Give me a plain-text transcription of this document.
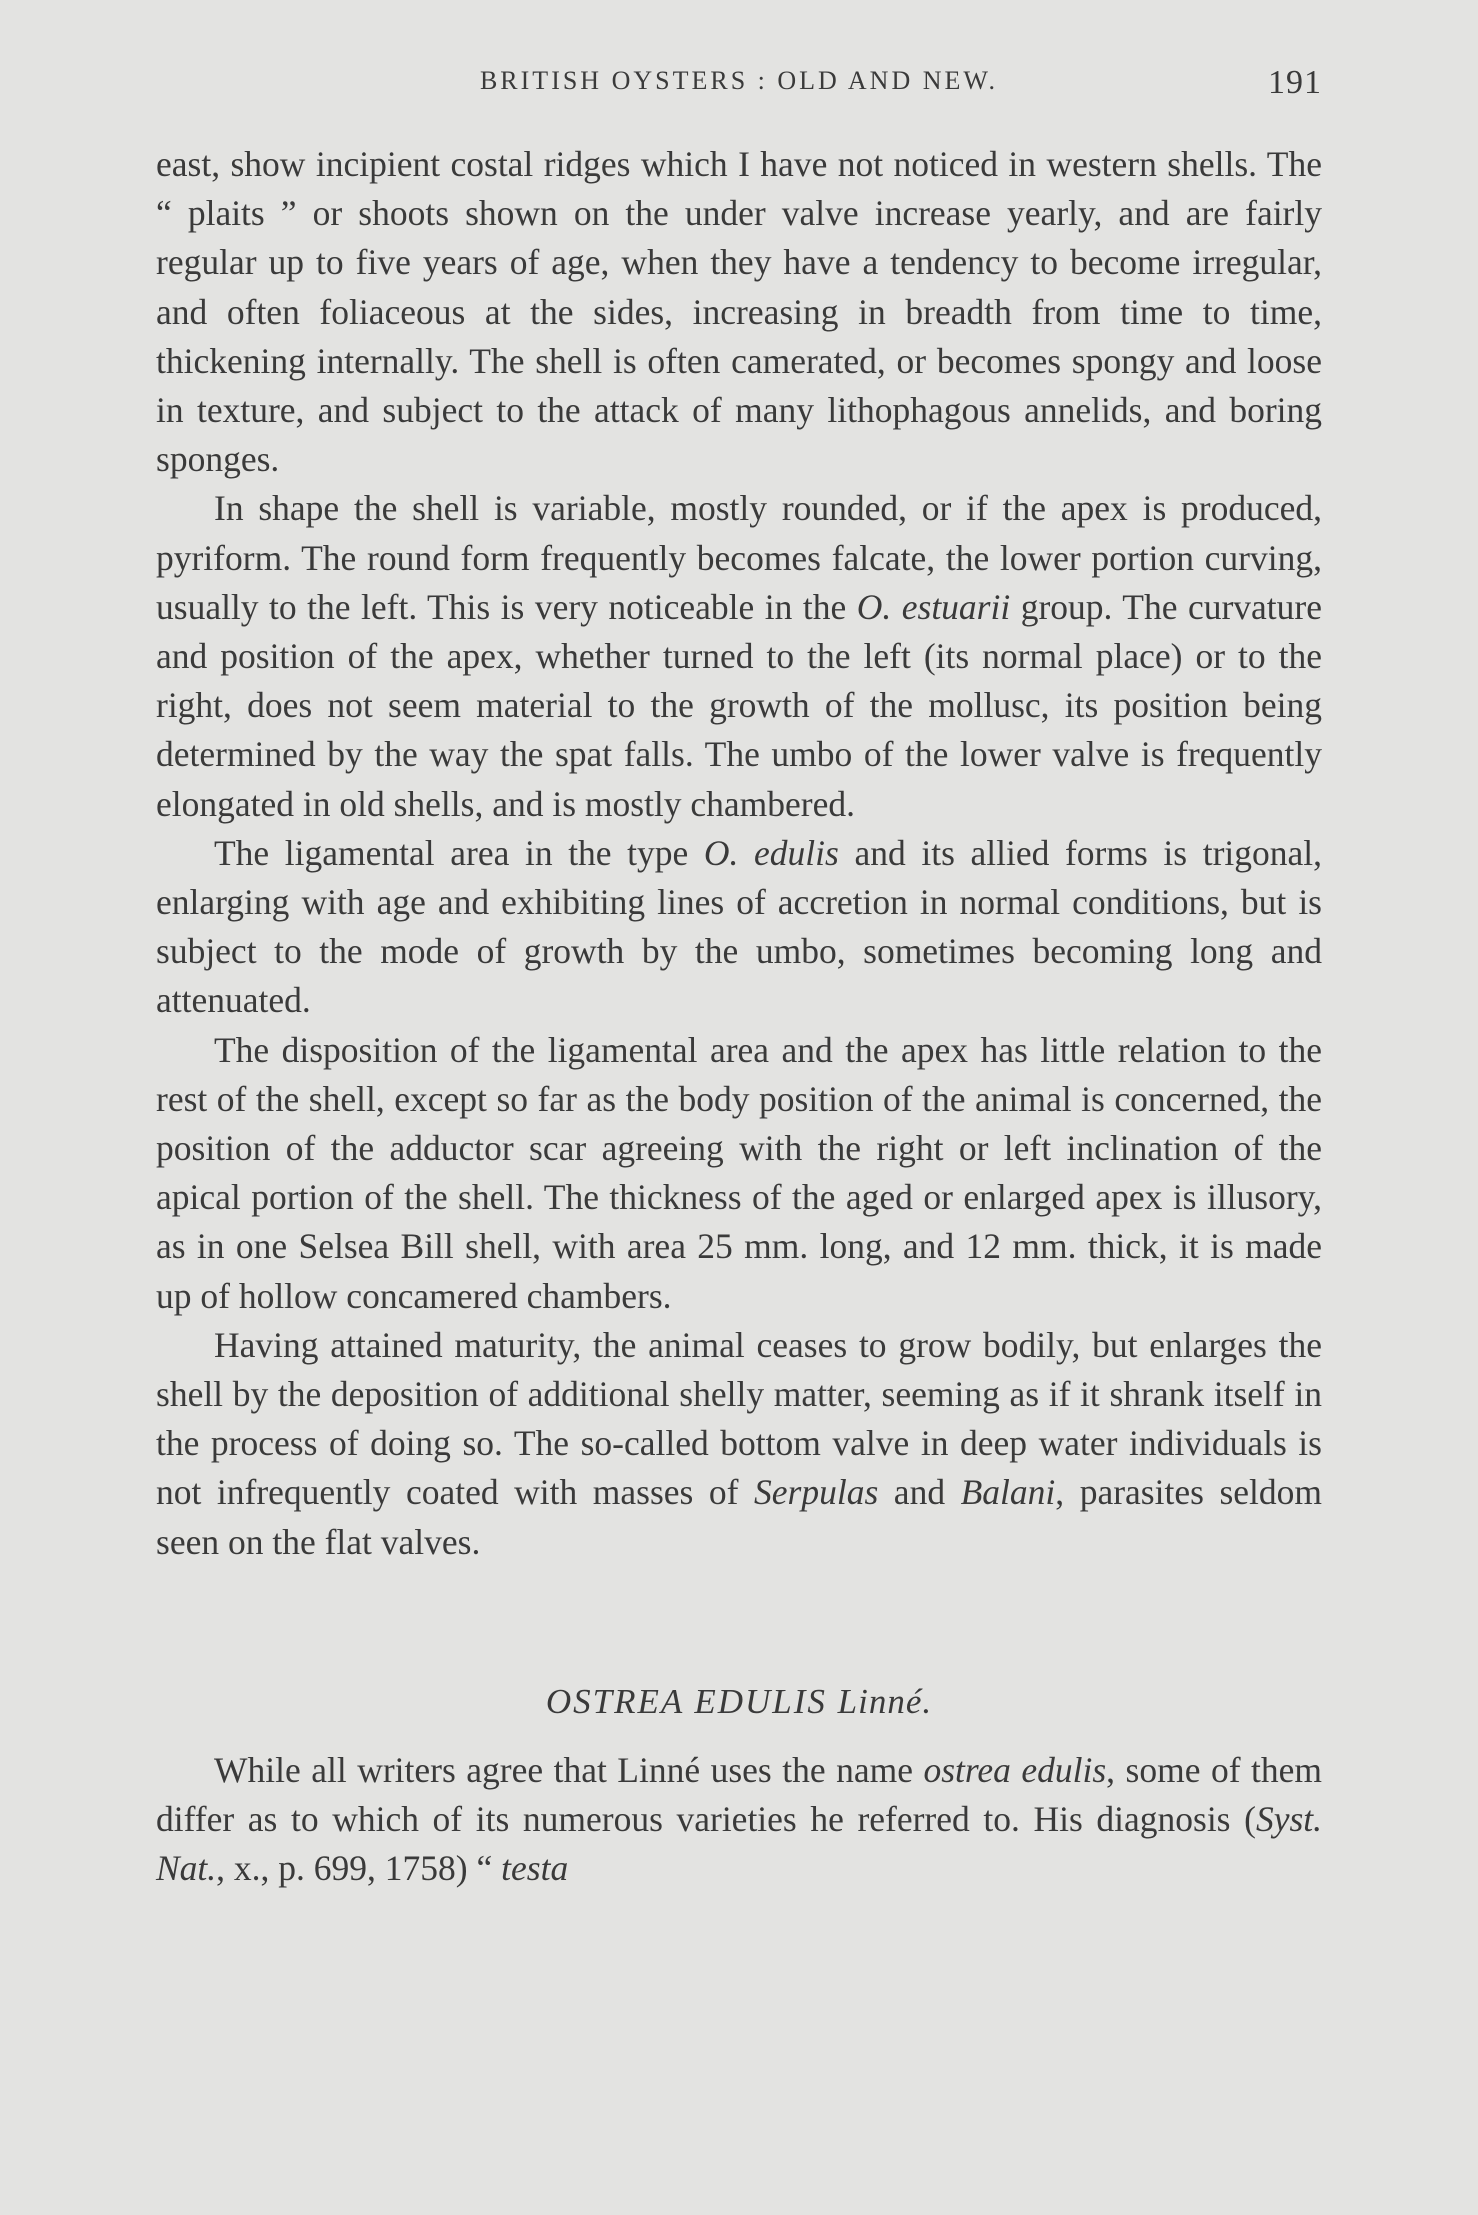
BRITISH OYSTERS : OLD AND NEW.	191

east, show incipient costal ridges which I have not noticed in western shells. The “ plaits ” or shoots shown on the under valve increase yearly, and are fairly regular up to five years of age, when they have a tendency to become irregular, and often foliaceous at the sides, increasing in breadth from time to time, thickening internally. The shell is often camerated, or becomes spongy and loose in texture, and subject to the attack of many lithophagous annelids, and boring sponges.

In shape the shell is variable, mostly rounded, or if the apex is produced, pyriform. The round form frequently becomes falcate, the lower portion curving, usually to the left. This is very noticeable in the O. estuarii group. The curvature and position of the apex, whether turned to the left (its normal place) or to the right, does not seem material to the growth of the mollusc, its position being determined by the way the spat falls. The umbo of the lower valve is frequently elongated in old shells, and is mostly chambered.

The ligamental area in the type O. edulis and its allied forms is trigonal, enlarging with age and exhibiting lines of accretion in normal conditions, but is subject to the mode of growth by the umbo, sometimes becoming long and attenuated.

The disposition of the ligamental area and the apex has little relation to the rest of the shell, except so far as the body position of the animal is concerned, the position of the adductor scar agreeing with the right or left inclination of the apical portion of the shell. The thickness of the aged or enlarged apex is illusory, as in one Selsea Bill shell, with area 25 mm. long, and 12 mm. thick, it is made up of hollow concamered chambers.

Having attained maturity, the animal ceases to grow bodily, but enlarges the shell by the deposition of additional shelly matter, seeming as if it shrank itself in the process of doing so. The so-called bottom valve in deep water individuals is not infrequently coated with masses of Serpulas and Balani, parasites seldom seen on the flat valves.

OSTREA EDULIS Linné.

While all writers agree that Linné uses the name ostrea edulis, some of them differ as to which of its numerous varieties he referred to. His diagnosis (Syst. Nat., x., p. 699, 1758) “ testa
